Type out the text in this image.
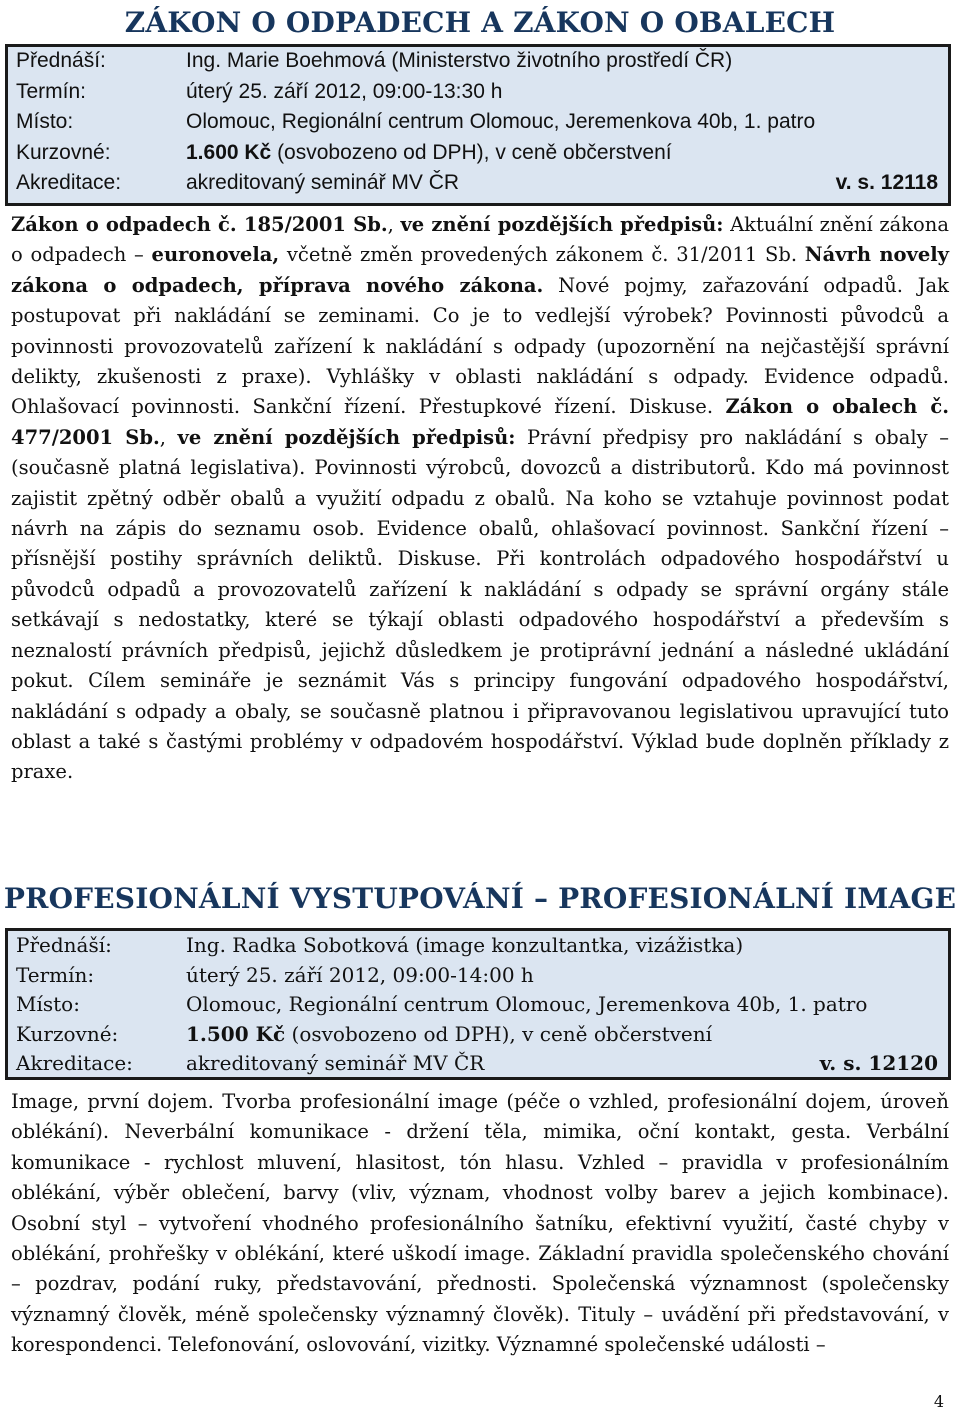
ZÁKON O ODPADECH A ZÁKON O OBALECH
Přednáší:	Ing. Marie Boehmová (Ministerstvo životního prostředí ČR)
Termín:	úterý 25. září 2012, 09:00-13:30 h
Místo:	Olomouc, Regionální centrum Olomouc, Jeremenkova 40b, 1. patro
Kurzovné:	1.600 Kč (osvobozeno od DPH), v ceně občerstvení
Akreditace:	akreditovaný seminář MV ČR	v. s. 12118

Zákon o odpadech č. 185/2001 Sb., ve znění pozdějších předpisů: Aktuální znění zákona o odpadech – euronovela, včetně změn provedených zákonem č. 31/2011 Sb. Návrh novely zákona o odpadech, příprava nového zákona. Nové pojmy, zařazování odpadů. Jak postupovat při nakládání se zeminami. Co je to vedlejší výrobek? Povinnosti původců a povinnosti provozovatelů zařízení k nakládání s odpady (upozornění na nejčastější správní delikty, zkušenosti z praxe). Vyhlášky v oblasti nakládání s odpady. Evidence odpadů. Ohlašovací povinnosti. Sankční řízení. Přestupkové řízení. Diskuse. Zákon o obalech č. 477/2001 Sb., ve znění pozdějších předpisů: Právní předpisy pro nakládání s obaly – (současně platná legislativa). Povinnosti výrobců, dovozců a distributorů. Kdo má povinnost zajistit zpětný odběr obalů a využití odpadu z obalů. Na koho se vztahuje povinnost podat návrh na zápis do seznamu osob. Evidence obalů, ohlašovací povinnost. Sankční řízení – přísnější postihy správních deliktů. Diskuse. Při kontrolách odpadového hospodářství u původců odpadů a provozovatelů zařízení k nakládání s odpady se správní orgány stále setkávají s nedostatky, které se týkají oblasti odpadového hospodářství a především s neznalostí právních předpisů, jejichž důsledkem je protiprávní jednání a následné ukládání pokut. Cílem semináře je seznámit Vás s principy fungování odpadového hospodářství, nakládání s odpady a obaly, se současně platnou i připravovanou legislativou upravující tuto oblast a také s častými problémy v odpadovém hospodářství. Výklad bude doplněn příklady z praxe.

PROFESIONÁLNÍ VYSTUPOVÁNÍ – PROFESIONÁLNÍ IMAGE
Přednáší:	Ing. Radka Sobotková (image konzultantka, vizážistka)
Termín:	úterý 25. září 2012, 09:00-14:00 h
Místo:	Olomouc, Regionální centrum Olomouc, Jeremenkova 40b, 1. patro
Kurzovné:	1.500 Kč (osvobozeno od DPH), v ceně občerstvení
Akreditace:	akreditovaný seminář MV ČR	v. s. 12120

Image, první dojem. Tvorba profesionální image (péče o vzhled, profesionální dojem, úroveň oblékání). Neverbální komunikace - držení těla, mimika, oční kontakt, gesta. Verbální komunikace - rychlost mluvení, hlasitost, tón hlasu. Vzhled – pravidla v profesionálním oblékání, výběr oblečení, barvy (vliv, význam, vhodnost volby barev a jejich kombinace). Osobní styl – vytvoření vhodného profesionálního šatníku, efektivní využití, časté chyby v oblékání, prohřešky v oblékání, které uškodí image. Základní pravidla společenského chování – pozdrav, podání ruky, představování, přednosti. Společenská významnost (společensky významný člověk, méně společensky významný člověk). Tituly – uvádění při představování, v korespondenci. Telefonování, oslovování, vizitky. Významné společenské události –

4
